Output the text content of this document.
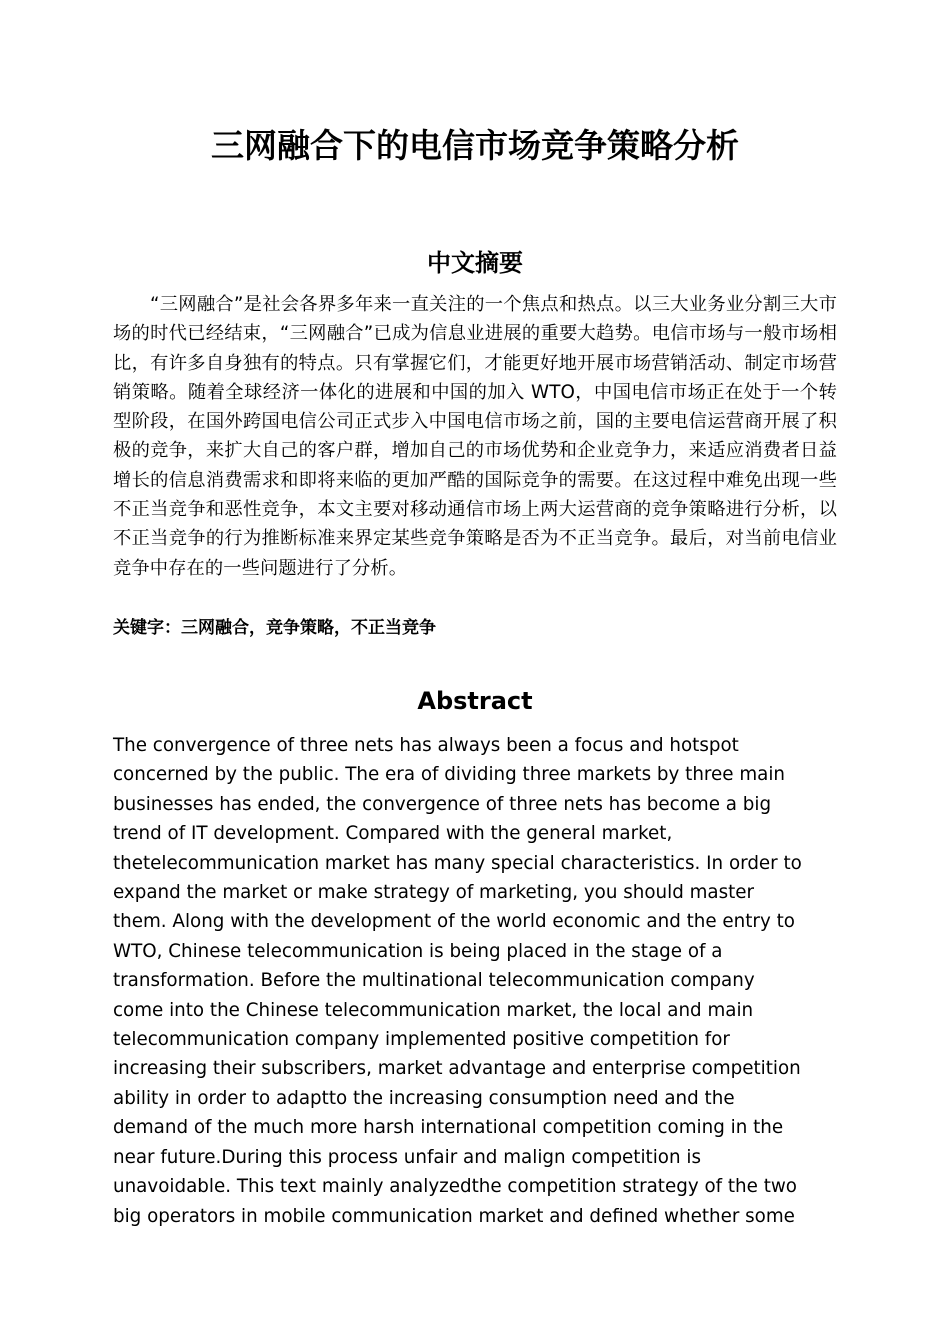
三网融合下的电信市场竞争策略分析
中文摘要

“三网融合”是社会各界多年来一直关注的一个焦点和热点。以三大业务业分割三大市场的时代已经结束，“三网融合”已成为信息业进展的重要大趋势。电信市场与一般市场相比，有许多自身独有的特点。只有掌握它们，才能更好地开展市场营销活动、制定市场营销策略。随着全球经济一体化的进展和中国的加入 WTO，中国电信市场正在处于一个转型阶段，在国外跨国电信公司正式步入中国电信市场之前，国的主要电信运营商开展了积极的竞争，来扩大自己的客户群，增加自己的市场优势和企业竞争力，来适应消费者日益增长的信息消费需求和即将来临的更加严酷的国际竞争的需要。在这过程中难免出现一些不正当竞争和恶性竞争，本文主要对移动通信市场上两大运营商的竞争策略进行分析，以不正当竞争的行为推断标准来界定某些竞争策略是否为不正当竞争。最后，对当前电信业竞争中存在的一些问题进行了分析。

关键字：三网融合，竞争策略，不正当竞争

Abstract
The convergence of three nets has always been a focus and hotspot
concerned by the public. The era of dividing three markets by three main
businesses has ended, the convergence of three nets has become a big
trend of IT development. Compared with the general market,
thetelecommunication market has many special characteristics. In order to
expand the market or make strategy of marketing, you should master
them. Along with the development of the world economic and the entry to
WTO, Chinese telecommunication is being placed in the stage of a
transformation. Before the multinational telecommunication company
come into the Chinese telecommunication market, the local and main
telecommunication company implemented positive competition for
increasing their subscribers, market advantage and enterprise competition
ability in order to adaptto the increasing consumption need and the
demand of the much more harsh international competition coming in the
near future.During this process unfair and malign competition is
unavoidable. This text mainly analyzedthe competition strategy of the two
big operators in mobile communication market and defined whether some
